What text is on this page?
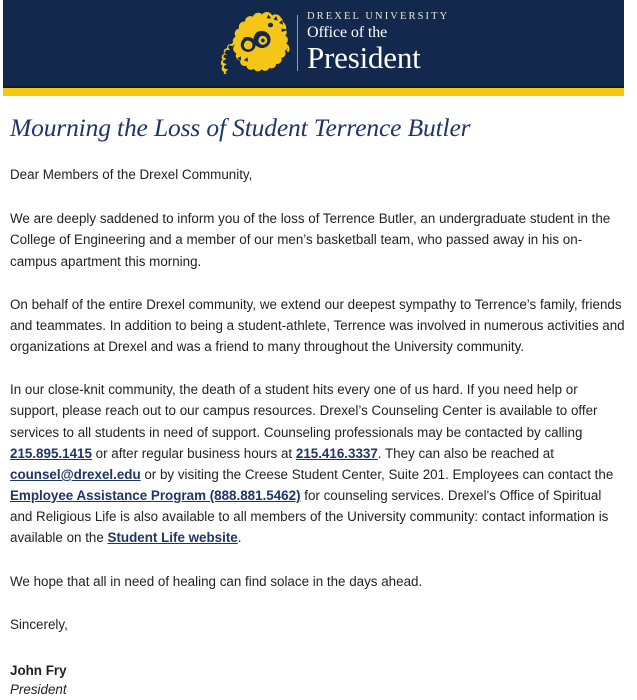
DREXEL UNIVERSITY
Office of the
President
Mourning the Loss of Student Terrence Butler

Dear Members of the Drexel Community,

We are deeply saddened to inform you of the loss of Terrence Butler, an undergraduate student in the College of Engineering and a member of our men’s basketball team, who passed away in his on-campus apartment this morning.

On behalf of the entire Drexel community, we extend our deepest sympathy to Terrence’s family, friends and teammates. In addition to being a student-athlete, Terrence was involved in numerous activities and organizations at Drexel and was a friend to many throughout the University community.

In our close-knit community, the death of a student hits every one of us hard. If you need help or support, please reach out to our campus resources. Drexel’s Counseling Center is available to offer services to all students in need of support. Counseling professionals may be contacted by calling 215.895.1415 or after regular business hours at 215.416.3337. They can also be reached at counsel@drexel.edu or by visiting the Creese Student Center, Suite 201. Employees can contact the Employee Assistance Program (888.881.5462) for counseling services. Drexel's Office of Spiritual and Religious Life is also available to all members of the University community: contact information is available on the Student Life website.

We hope that all in need of healing can find solace in the days ahead.

Sincerely,

John Fry
President
